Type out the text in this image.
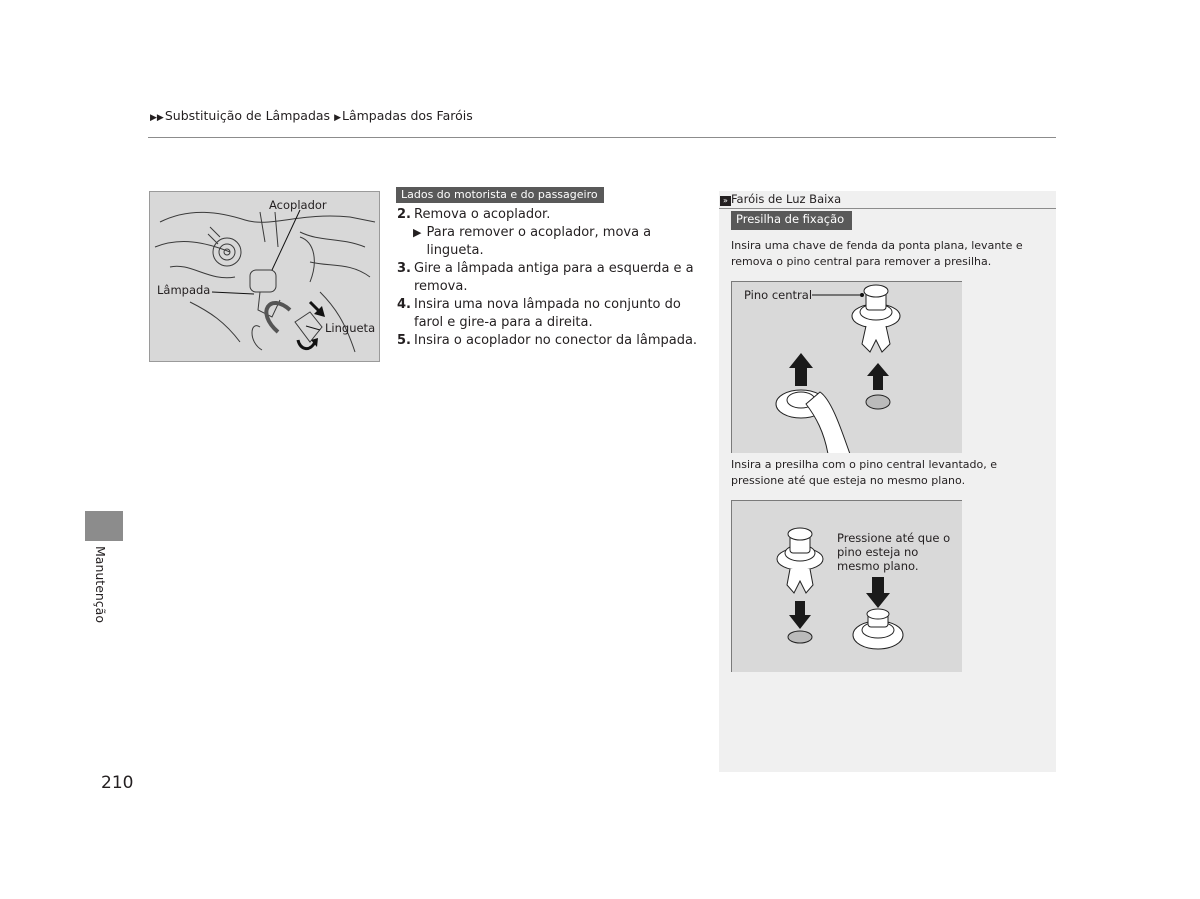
▶▶Substituição de Lâmpadas ▶Lâmpadas dos Faróis
Acoplador
Lâmpada
Lingueta
Lados do motorista e do passageiro
2. Remova o acoplador.
▶ Para remover o acoplador, mova a lingueta.
3. Gire a lâmpada antiga para a esquerda e a remova.
4. Insira uma nova lâmpada no conjunto do farol e gire-a para a direita.
5. Insira o acoplador no conector da lâmpada.
» Faróis de Luz Baixa
Presilha de fixação
Insira uma chave de fenda da ponta plana, levante e remova o pino central para remover a presilha.
Pino central
Insira a presilha com o pino central levantado, e pressione até que esteja no mesmo plano.
Pressione até que o pino esteja no mesmo plano.
Manutenção
210
